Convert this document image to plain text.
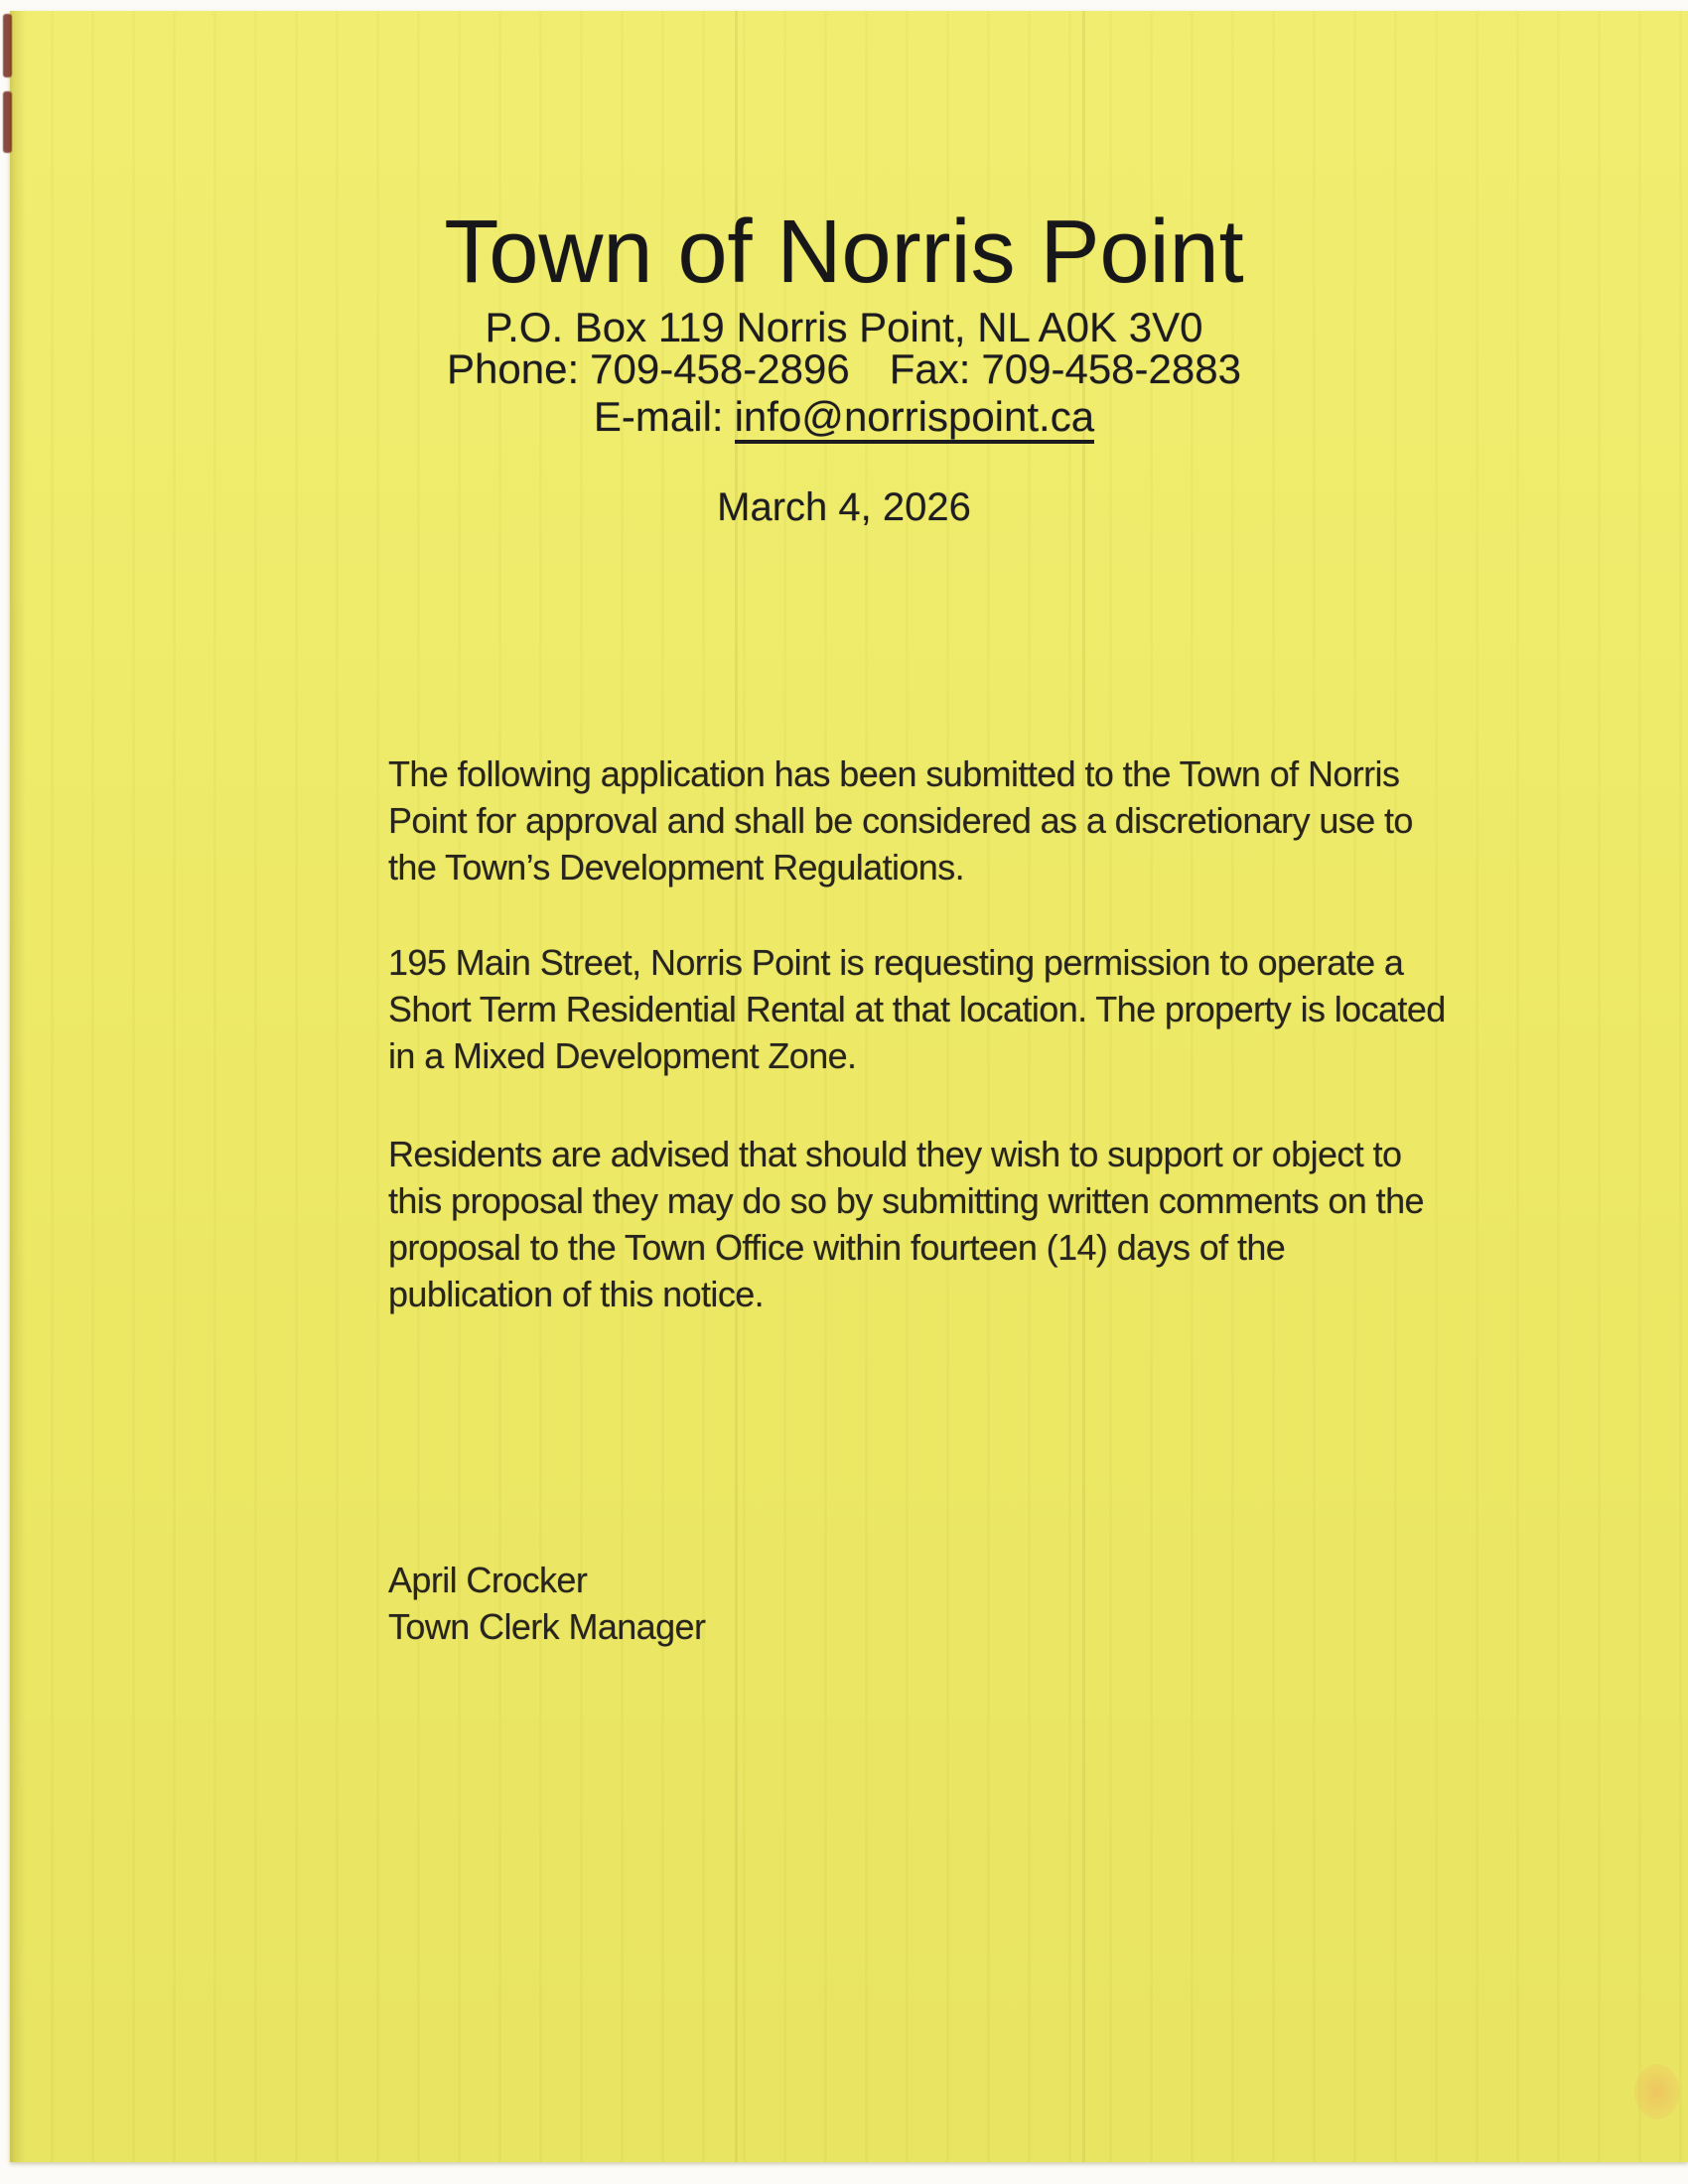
Town of Norris Point
P.O. Box 119 Norris Point, NL A0K 3V0
Phone: 709-458-2896 Fax: 709-458-2883
E-mail: info@norrispoint.ca
March 4, 2026
The following application has been submitted to the Town of Norris
Point for approval and shall be considered as a discretionary use to
the Town’s Development Regulations.
195 Main Street, Norris Point is requesting permission to operate a
Short Term Residential Rental at that location. The property is located
in a Mixed Development Zone.
Residents are advised that should they wish to support or object to
this proposal they may do so by submitting written comments on the
proposal to the Town Office within fourteen (14) days of the
publication of this notice.
April Crocker
Town Clerk Manager
